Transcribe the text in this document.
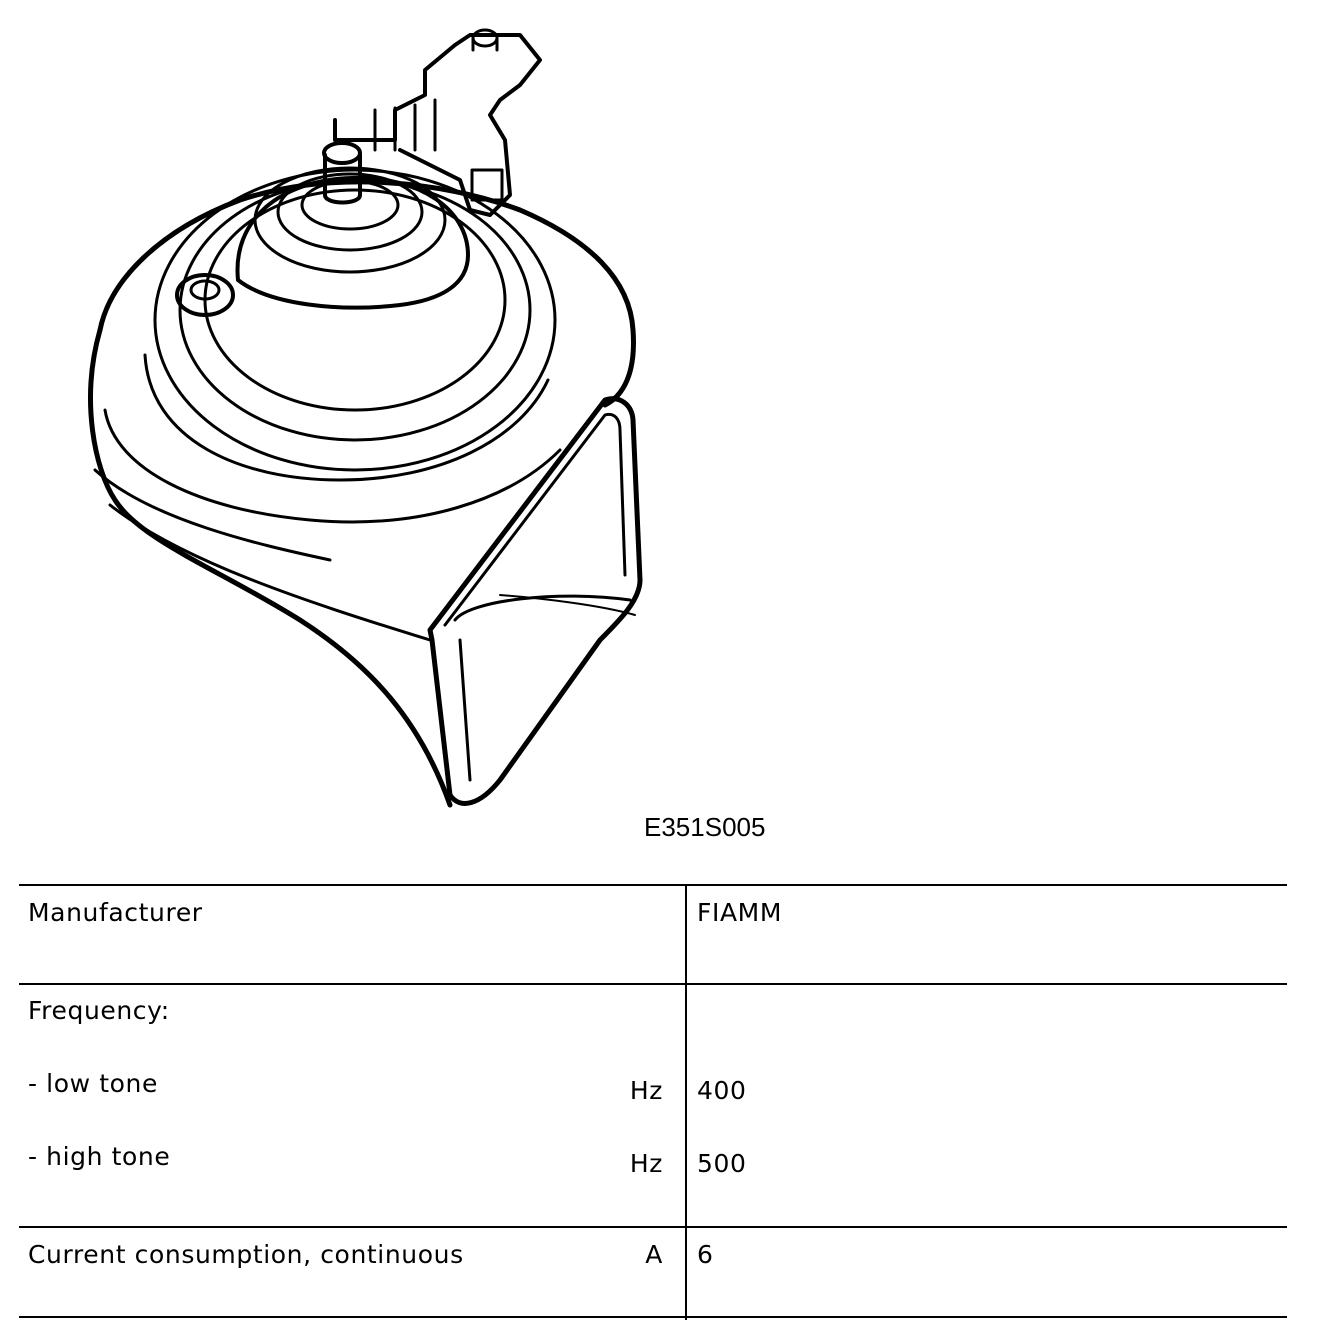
E351S005
Manufacturer	FIAMM
Frequency:
- low tone	Hz 400
- high tone	Hz 500
Current consumption, continuous	A 6
